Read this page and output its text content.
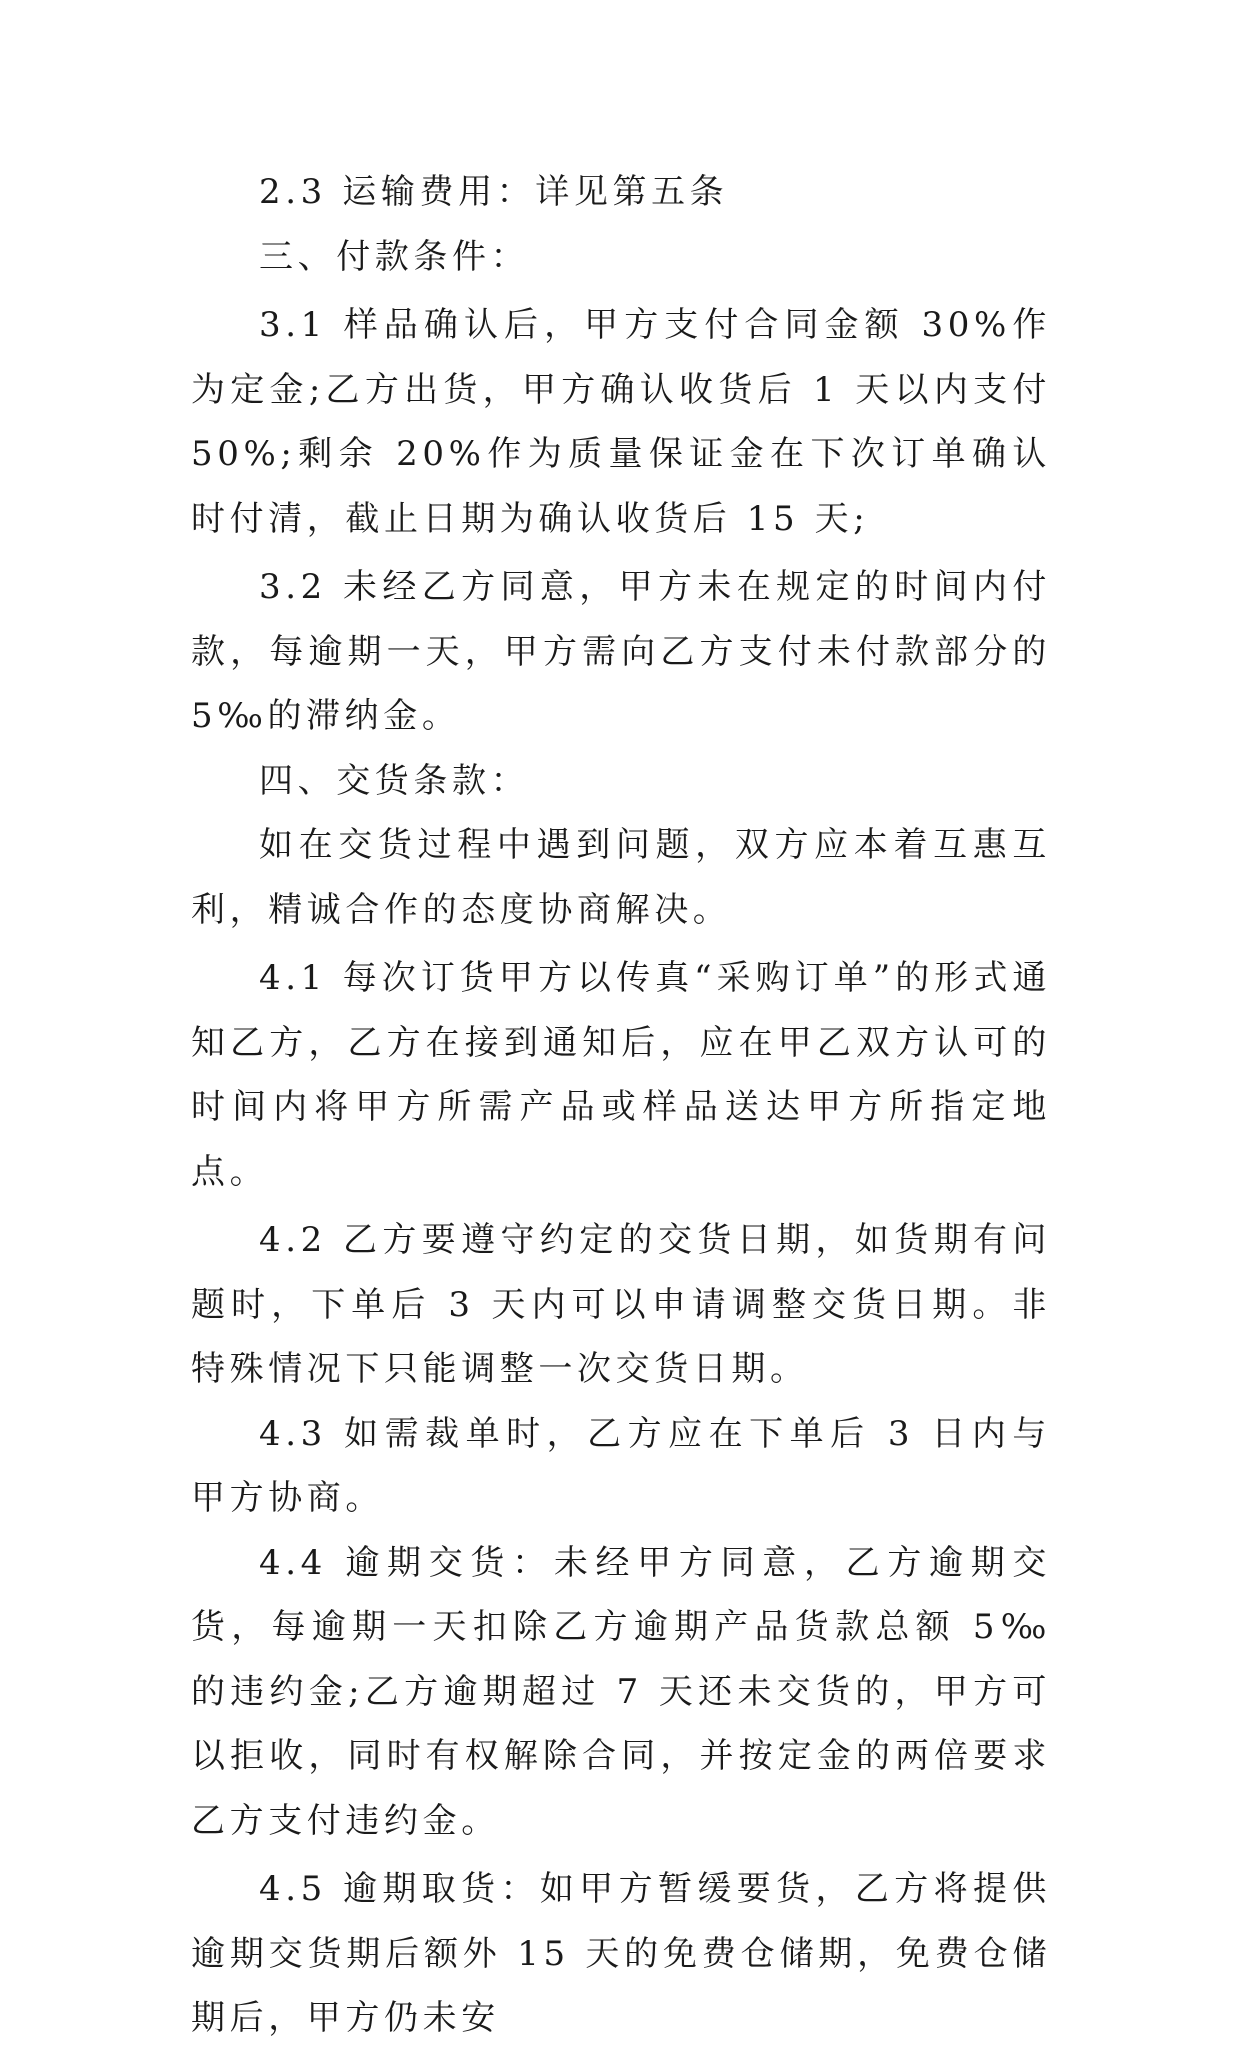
2.3 运输费用：详见第五条

三、付款条件：

3.1 样品确认后，甲方支付合同金额 30%作为定金;乙方出货，甲方确认收货后 1 天以内支付 50%;剩余 20%作为质量保证金在下次订单确认时付清，截止日期为确认收货后 15 天;

3.2 未经乙方同意，甲方未在规定的时间内付款，每逾期一天，甲方需向乙方支付未付款部分的 5‰的滞纳金。

四、交货条款：

如在交货过程中遇到问题，双方应本着互惠互利，精诚合作的态度协商解决。

4.1 每次订货甲方以传真“采购订单”的形式通知乙方，乙方在接到通知后，应在甲乙双方认可的时间内将甲方所需产品或样品送达甲方所指定地点。

4.2 乙方要遵守约定的交货日期，如货期有问题时，下单后 3 天内可以申请调整交货日期。非特殊情况下只能调整一次交货日期。

4.3 如需裁单时，乙方应在下单后 3 日内与甲方协商。

4.4 逾期交货：未经甲方同意，乙方逾期交货，每逾期一天扣除乙方逾期产品货款总额 5‰的违约金;乙方逾期超过 7 天还未交货的，甲方可以拒收，同时有权解除合同，并按定金的两倍要求乙方支付违约金。

4.5 逾期取货：如甲方暂缓要货，乙方将提供逾期交货期后额外 15 天的免费仓储期，免费仓储期后，甲方仍未安
